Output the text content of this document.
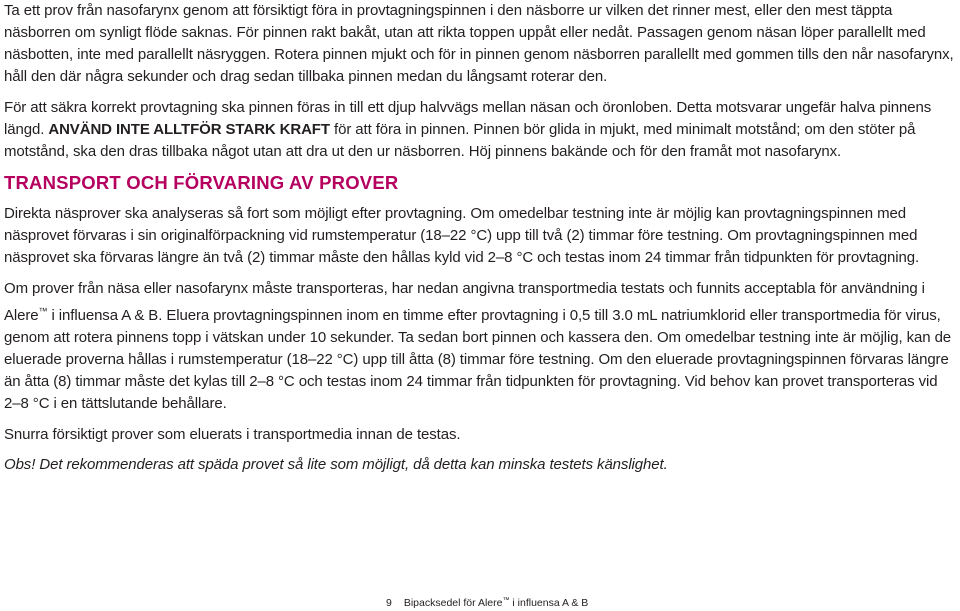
Ta ett prov från nasofarynx genom att försiktigt föra in provtagningspinnen i den näsborre ur vilken det rinner mest, eller den mest täppta näsborren om synligt flöde saknas. För pinnen rakt bakåt, utan att rikta toppen uppåt eller nedåt. Passagen genom näsan löper parallellt med näsbotten, inte med parallellt näsryggen. Rotera pinnen mjukt och för in pinnen genom näsborren parallellt med gommen tills den når nasofarynx, håll den där några sekunder och drag sedan tillbaka pinnen medan du långsamt roterar den.

För att säkra korrekt provtagning ska pinnen föras in till ett djup halvvägs mellan näsan och öronloben. Detta motsvarar ungefär halva pinnens längd. ANVÄND INTE ALLTFÖR STARK KRAFT för att föra in pinnen. Pinnen bör glida in mjukt, med minimalt motstånd; om den stöter på motstånd, ska den dras tillbaka något utan att dra ut den ur näsborren. Höj pinnens bakände och för den framåt mot nasofarynx.

TRANSPORT OCH FÖRVARING AV PROVER

Direkta näsprover ska analyseras så fort som möjligt efter provtagning. Om omedelbar testning inte är möjlig kan provtagningspinnen med näsprovet förvaras i sin originalförpackning vid rumstemperatur (18–22 °C) upp till två (2) timmar före testning. Om provtagningspinnen med näsprovet ska förvaras längre än två (2) timmar måste den hållas kyld vid 2–8 °C och testas inom 24 timmar från tidpunkten för provtagning.

Om prover från näsa eller nasofarynx måste transporteras, har nedan angivna transportmedia testats och funnits acceptabla för användning i Alere™ i influensa A & B. Eluera provtagningspinnen inom en timme efter provtagning i 0,5 till 3.0 mL natriumklorid eller transportmedia för virus, genom att rotera pinnens topp i vätskan under 10 sekunder. Ta sedan bort pinnen och kassera den. Om omedelbar testning inte är möjlig, kan de eluerade proverna hållas i rumstemperatur (18–22 °C) upp till åtta (8) timmar före testning. Om den eluerade provtagningspinnen förvaras längre än åtta (8) timmar måste det kylas till 2–8 °C och testas inom 24 timmar från tidpunkten för provtagning. Vid behov kan provet transporteras vid 2–8 °C i en tättslutande behållare.

Snurra försiktigt prover som eluerats i transportmedia innan de testas.

Obs! Det rekommenderas att späda provet så lite som möjligt, då detta kan minska testets känslighet.

9 Bipacksedel för Alere™ i influensa A & B
